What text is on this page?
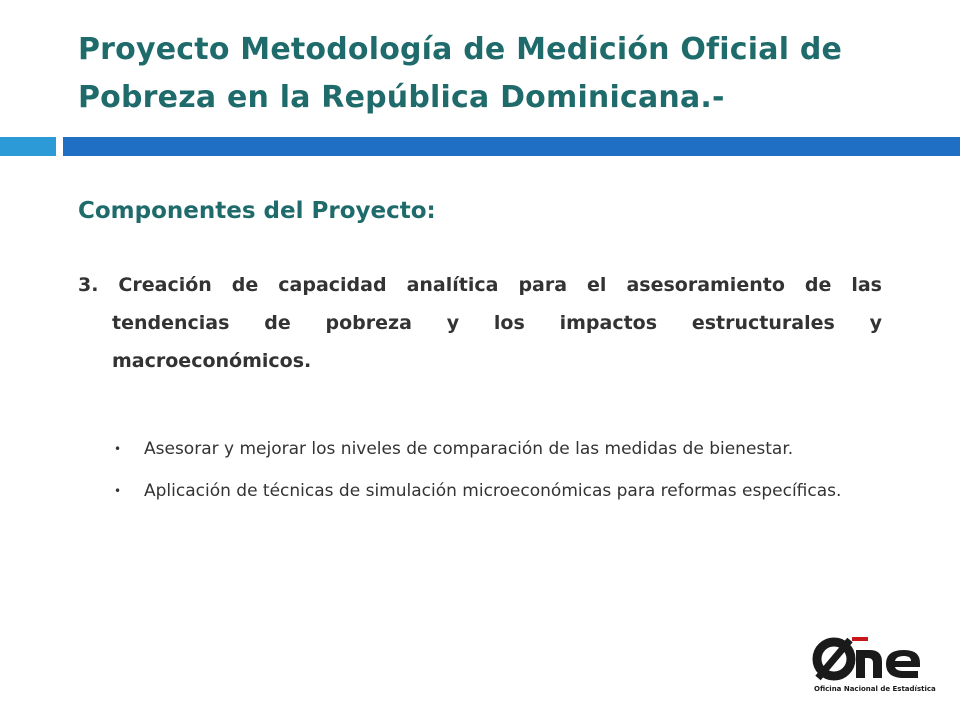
Proyecto Metodología de Medición Oficial de Pobreza en la República Dominicana.-
Componentes del Proyecto:

3. Creación de capacidad analítica para el asesoramiento de las tendencias de pobreza y los impactos estructurales y macroeconómicos.

• Asesorar y mejorar los niveles de comparación de las medidas de bienestar.
• Aplicación de técnicas de simulación microeconómicas para reformas específicas.
Oficina Nacional de Estadística
